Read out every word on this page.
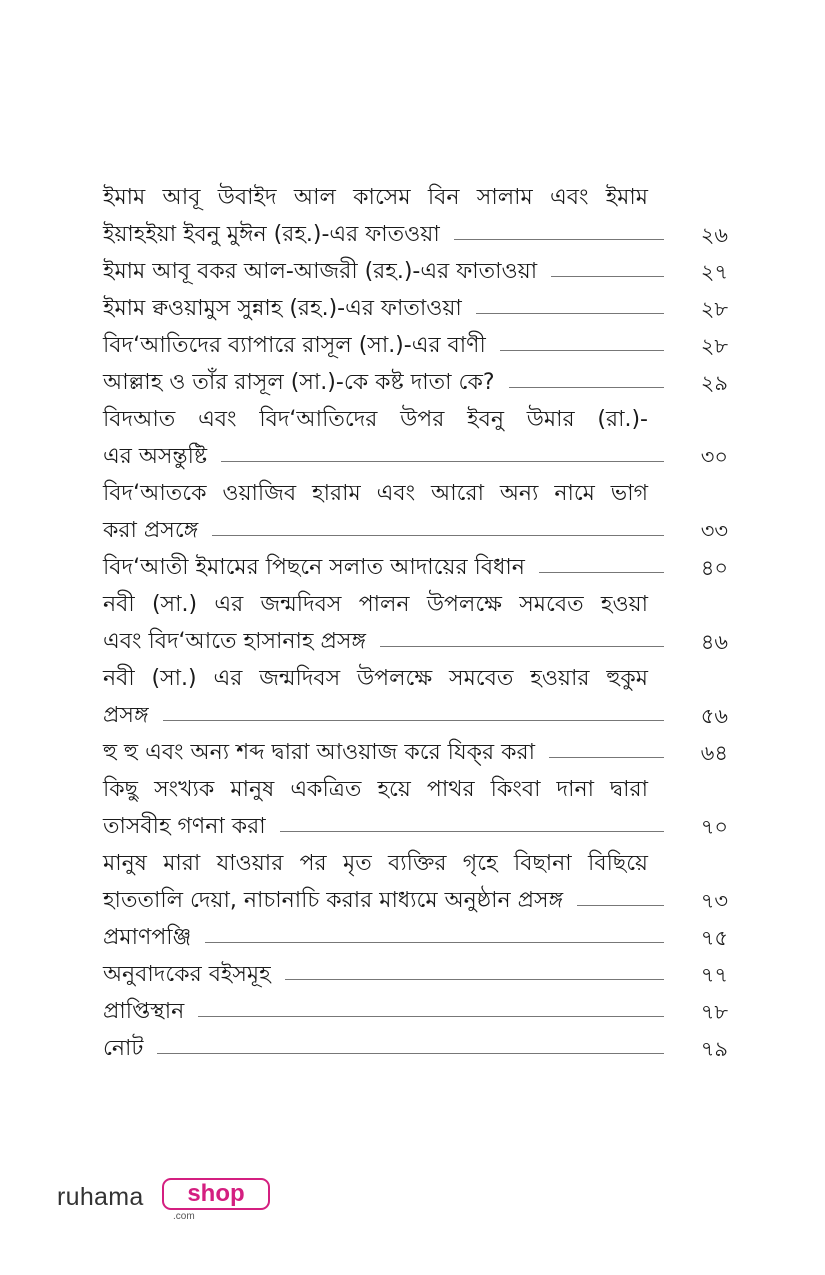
ইমাম আবূ উবাইদ আল কাসেম বিন সালাম এবং ইমাম
ইয়াহইয়া ইবনু মুঈন (রহ.)-এর ফাতওয়া	২৬
ইমাম আবূ বকর আল-আজরী (রহ.)-এর ফাতাওয়া	২৭
ইমাম ক্বওয়ামুস সুন্নাহ (রহ.)-এর ফাতাওয়া	২৮
বিদ‘আতিদের ব্যাপারে রাসূল (সা.)-এর বাণী	২৮
আল্লাহ ও তাঁর রাসূল (সা.)-কে কষ্ট দাতা কে?	২৯
বিদআত এবং বিদ‘আতিদের উপর ইবনু উমার (রা.)-
এর অসন্তুষ্টি	৩০
বিদ‘আতকে ওয়াজিব হারাম এবং আরো অন্য নামে ভাগ
করা প্রসঙ্গে	৩৩
বিদ‘আতী ইমামের পিছনে সলাত আদায়ের বিধান	৪০
নবী (সা.) এর জন্মদিবস পালন উপলক্ষে সমবেত হওয়া
এবং বিদ‘আতে হাসানাহ প্রসঙ্গ	৪৬
নবী (সা.) এর জন্মদিবস উপলক্ষে সমবেত হওয়ার হুকুম
প্রসঙ্গ	৫৬
হু হু এবং অন্য শব্দ দ্বারা আওয়াজ করে যিক্‌র করা	৬৪
কিছু সংখ্যক মানুষ একত্রিত হয়ে পাথর কিংবা দানা দ্বারা
তাসবীহ গণনা করা	৭০
মানুষ মারা যাওয়ার পর মৃত ব্যক্তির গৃহে বিছানা বিছিয়ে
হাততালি দেয়া, নাচানাচি করার মাধ্যমে অনুষ্ঠান প্রসঙ্গ	৭৩
প্রমাণপঞ্জি	৭৫
অনুবাদকের বইসমূহ	৭৭
প্রাপ্তিস্থান	৭৮
নোট	৭৯
ruhama	shop
.com
